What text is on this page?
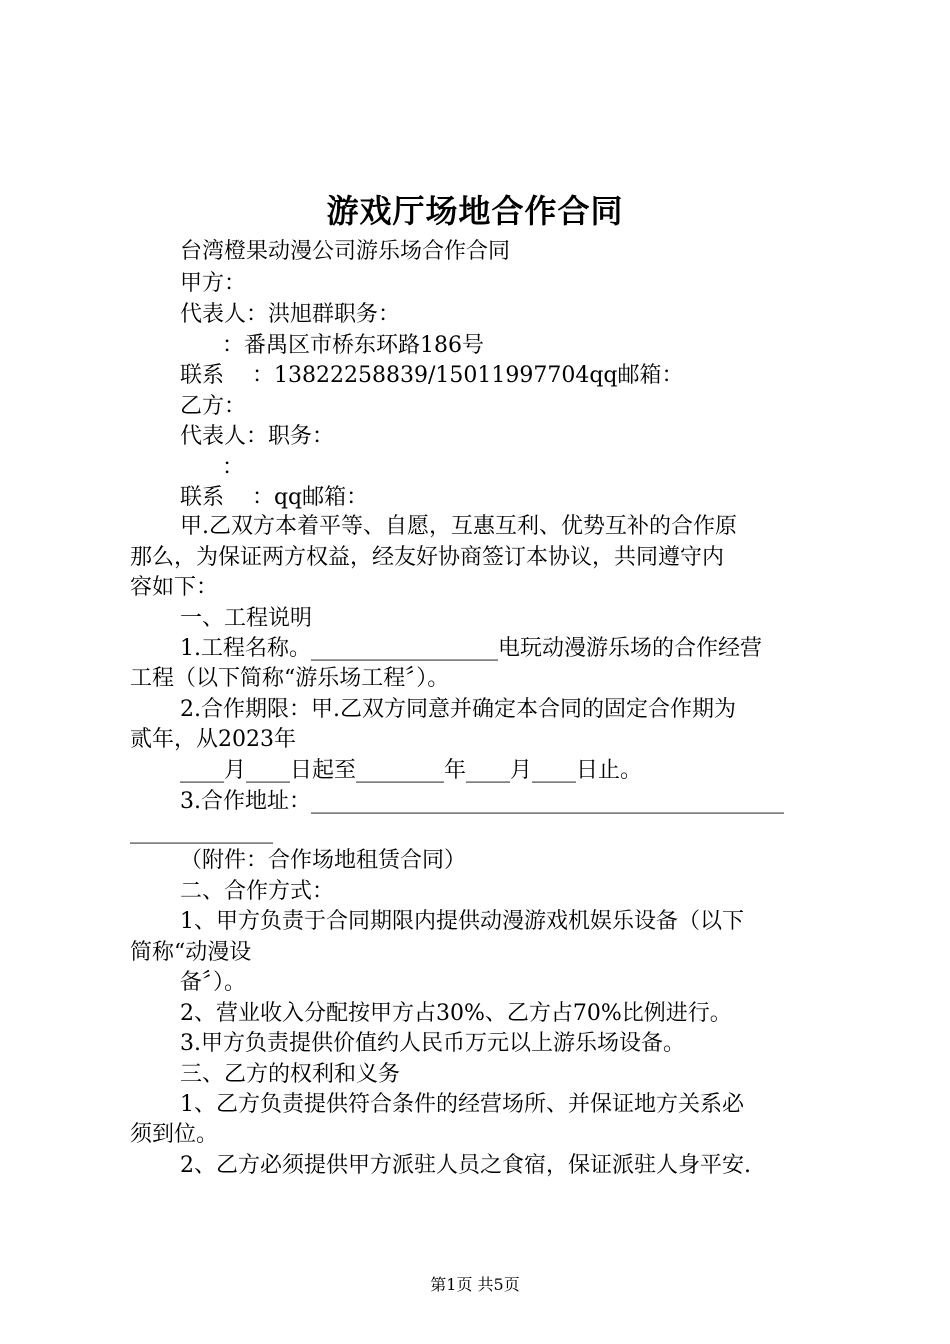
游戏厅场地合作合同
台湾橙果动漫公司游乐场合作合同
甲方：
代表人：洪旭群职务：
：番禺区市桥东环路186号
联系    ：13822258839/15011997704qq邮箱：
乙方：
代表人：职务：
：
联系    ：qq邮箱：
甲.乙双方本着平等、自愿，互惠互利、优势互补的合作原
那么，为保证两方权益，经友好协商签订本协议，共同遵守内
容如下：
一、工程说明
1.工程名称。_________________电玩动漫游乐场的合作经营
工程（以下简称“游乐场工程〞）。
2.合作期限：甲.乙双方同意并确定本合同的固定合作期为
贰年，从2023年
____月____日起至________年____月____日止。
3.合作地址：___________________________________________
_____________
（附件：合作场地租赁合同）
二、合作方式：
1、甲方负责于合同期限内提供动漫游戏机娱乐设备（以下
简称“动漫设
备〞）。
2、营业收入分配按甲方占30%、乙方占70%比例进行。
3.甲方负责提供价值约人民币万元以上游乐场设备。
三、乙方的权利和义务
1、乙方负责提供符合条件的经营场所、并保证地方关系必
须到位。
2、乙方必须提供甲方派驻人员之食宿，保证派驻人身平安.
第1页 共5页
